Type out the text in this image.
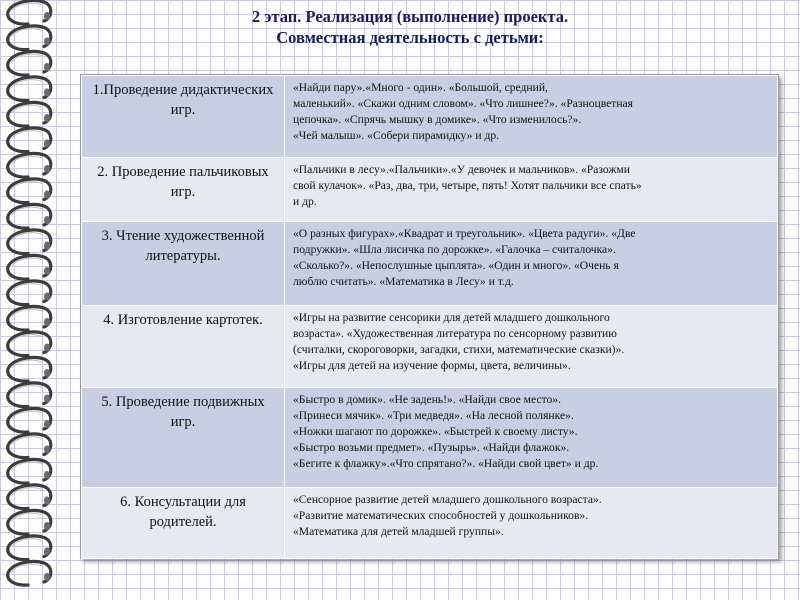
2 этап. Реализация (выполнение) проекта.
Совместная деятельность с детьми:
1.Проведение дидактических игр.	«Найди пару».«Много - один». «Большой, средний,
маленький». «Скажи одним словом». «Что лишнее?». «Разноцветная
цепочка». «Спрячь мышку в домике». «Что изменилось?».
«Чей малыш». «Собери пирамидку» и др.
2. Проведение пальчиковых игр.	«Пальчики в лесу».«Пальчики».«У девочек и мальчиков». «Разожми
свой кулачок». «Раз, два, три, четыре, пять! Хотят пальчики все спать»
и др.
3. Чтение художественной литературы.	«О разных фигурах».«Квадрат и треугольник». «Цвета радуги». «Две
подружки». «Шла лисичка по дорожке». «Галочка – считалочка».
«Сколько?». «Непослушные цыплята». «Один и много». «Очень я
люблю считать». «Математика в Лесу» и т.д.
4. Изготовление картотек.	«Игры на развитие сенсорики для детей младшего дошкольного
возраста». «Художественная литература по сенсорному развитию
(считалки, скороговорки, загадки, стихи, математические сказки)».
«Игры для детей на изучение формы, цвета, величины».
5. Проведение подвижных игр.	«Быстро в домик». «Не задень!». «Найди свое место».
«Принеси мячик». «Три медведя». «На лесной полянке».
«Ножки шагают по дорожке». «Быстрей к своему листу».
«Быстро возьми предмет». «Пузырь». «Найди флажок».
«Бегите к флажку».«Что спрятано?». «Найди свой цвет» и др.
6. Консультации для родителей.	«Сенсорное развитие детей младшего дошкольного возраста».
«Развитие математических способностей у дошкольников».
«Математика для детей младшей группы».
